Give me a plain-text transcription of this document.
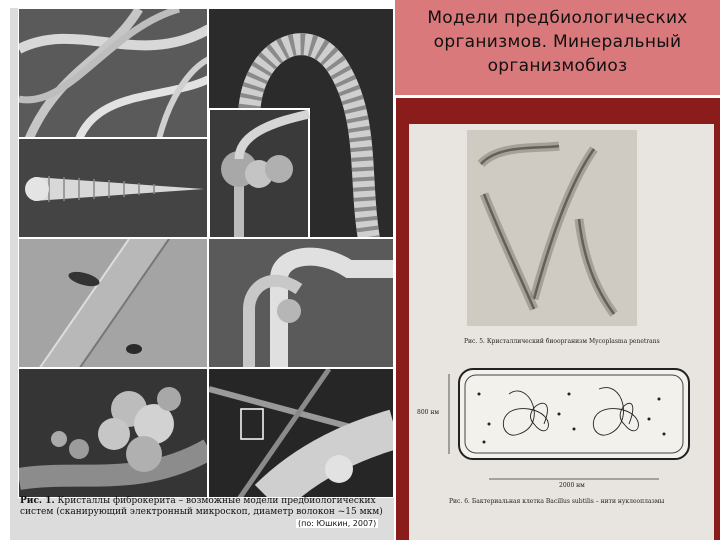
Рис. 1. Кристаллы фиброкерита – возможные модели предбиологических систем (сканирующий электронный микроскоп, диаметр волокон ~15 мкм)
(по: Юшкин, 2007)
Модели предбиологических организмов. Минеральный организмобиоз
Рис. 5. Кристаллический биоорганизм Mycoplasma penetrans
800 нм
2000 нм
Рис. 6. Бактериальная клетка Bacillus subtilis – нити нуклеоплазмы
